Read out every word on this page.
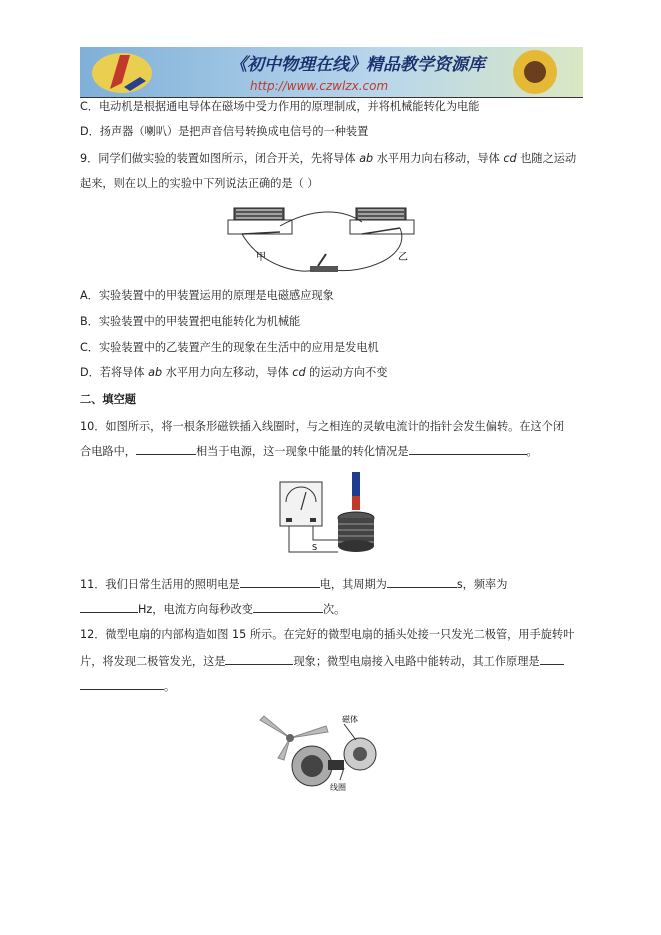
《初中物理在线》精品教学资源库
http://www.czwlzx.com
C．电动机是根据通电导体在磁场中受力作用的原理制成，并将机械能转化为电能
D．扬声器（喇叭）是把声音信号转换成电信号的一种装置
9．同学们做实验的装置如图所示，闭合开关，先将导体 ab 水平用力向右移动，导体 cd 也随之运动
起来，则在以上的实验中下列说法正确的是（ ）
甲	乙
A．实验装置中的甲装置运用的原理是电磁感应现象
B．实验装置中的甲装置把电能转化为机械能
C．实验装置中的乙装置产生的现象在生活中的应用是发电机
D．若将导体 ab 水平用力向左移动，导体 cd 的运动方向不变
二、填空题
10．如图所示，将一根条形磁铁插入线圈时，与之相连的灵敏电流计的指针会发生偏转。在这个闭
合电路中，	相当于电源，这一现象中能量的转化情况是	。
S
11．我们日常生活用的照明电是	电，其周期为	s，频率为
Hz，电流方向每秒改变	次。
12．微型电扇的内部构造如图 15 所示。在完好的微型电扇的插头处接一只发光二极管，用手旋转叶
片，将发现二极管发光，这是	现象；微型电扇接入电路中能转动，其工作原理是
。
磁体
线圈
